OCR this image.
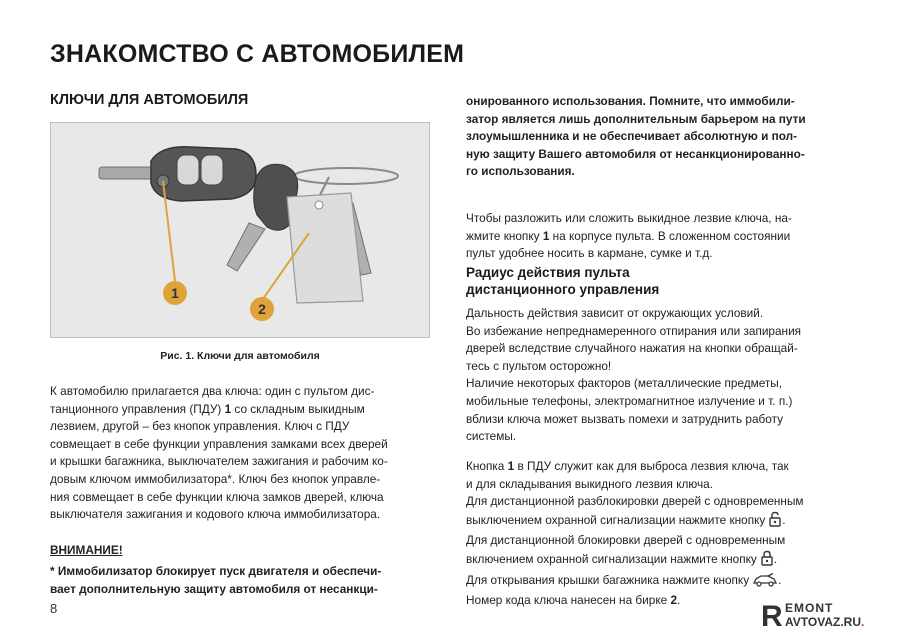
ЗНАКОМСТВО С АВТОМОБИЛЕМ
КЛЮЧИ ДЛЯ АВТОМОБИЛЯ
1
2
Рис. 1. Ключи для автомобиля

К автомобилю прилагается два ключа: один с пультом дис-

танционного управления (ПДУ) 1 со складным выкидным

лезвием, другой – без кнопок управления. Ключ с ПДУ

совмещает в себе функции управления замками всех дверей

и крышки багажника, выключателем зажигания и рабочим ко-

довым ключом иммобилизатора*. Ключ без кнопок управле-

ния совмещает в себе функции ключа замков дверей, ключа

выключателя зажигания и кодового ключа иммобилизатора.

ВНИМАНИЕ!
* Иммобилизатор блокирует пуск двигателя и обеспечи-
вает дополнительную защиту автомобиля от несанкци-
8
онированного использования. Помните, что иммобили-
затор является лишь дополнительным барьером на пути
злоумышленника и не обеспечивает абсолютную и пол-
ную защиту Вашего автомобиля от несанкционированно-
го использования.
Чтобы разложить или сложить выкидное лезвие ключа, на-
жмите кнопку 1 на корпусе пульта. В сложенном состоянии
пульт удобнее носить в кармане, сумке и т.д.
Радиус действия пульта
дистанционного управления

Дальность действия зависит от окружающих условий.

Во избежание непреднамеренного отпирания или запирания

дверей вследствие случайного нажатия на кнопки обращай-

тесь с пультом осторожно!

Наличие некоторых факторов (металлические предметы,

мобильные телефоны, электромагнитное излучение и т. п.)

вблизи ключа может вызвать помехи и затруднить работу

системы.

Кнопка 1 в ПДУ служит как для выброса лезвия ключа, так

и для складывания выкидного лезвия ключа.

Для дистанционной разблокировки дверей с одновременным

выключением охранной сигнализации нажмите кнопку .

Для дистанционной блокировки дверей с одновременным

включением охранной сигнализации нажмите кнопку .

Для открывания крышки багажника нажмите кнопку .

Номер кода ключа нанесен на бирке 2.	R EMONT
AVTOVAZ.RU.
